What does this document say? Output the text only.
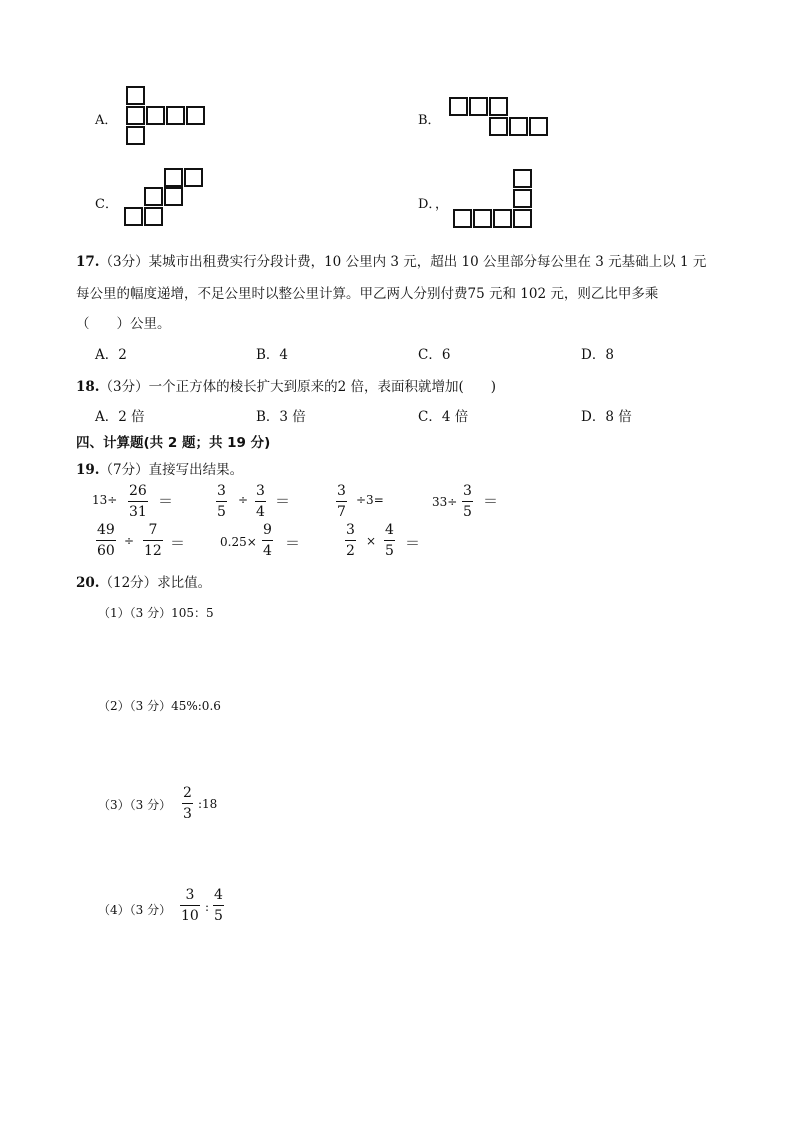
A．	B．
C．	D．，
17.（3分）某城市出租费实行分段计费，10 公里内 3 元，超出 10 公里部分每公里在 3 元基础上以 1 元
每公里的幅度递增，不足公里时以整公里计算。甲乙两人分别付费75 元和 102 元，则乙比甲多乘
（　　）公里。
A．2	B．4	C．6	D．8
18.（3分）一个正方体的棱长扩大到原来的2 倍，表面积就增加(　　)
A．2 倍	B．3 倍	C．4 倍	D．8 倍
四、计算题(共 2 题；共 19 分)
19.（7分）直接写出结果。
13÷
26
31
＝
3
5
÷
3
4
＝
3
7
÷3=	33÷
3
5
＝
49
60
÷
7
12 ＝	0.25×
9
4 ＝
3
2
×
4
5 ＝
20.（12分）求比值。
（1）（3 分）105：5
（2）（3 分）45%:0.6
（3）（3 分）
2
3
:18
（4）（3 分）
3
10
:
4
5
